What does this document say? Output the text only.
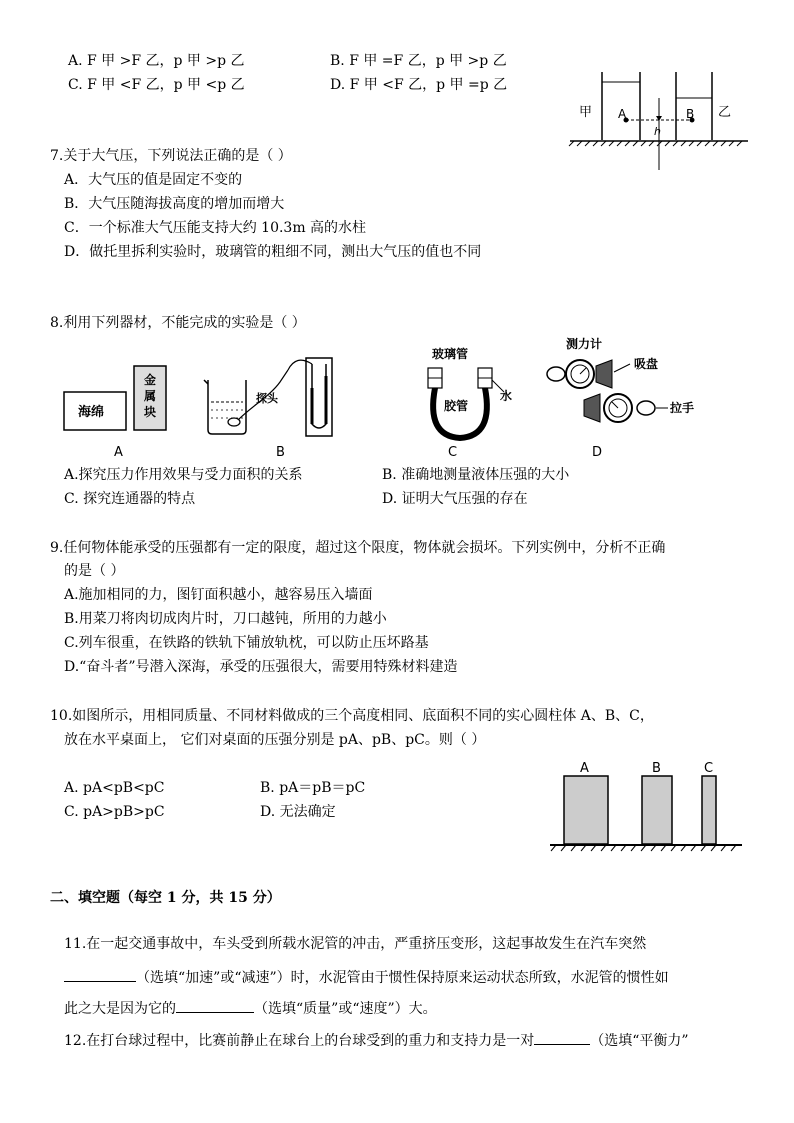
A. F 甲 >F 乙，p 甲 >p 乙	B. F 甲 =F 乙，p 甲 >p 乙
C. F 甲 <F 乙，p 甲 <p 乙	D. F 甲 <F 乙，p 甲 =p 乙
甲 A	B
h
乙
7.关于大气压，下列说法正确的是（ ）
A．大气压的值是固定不变的
B．大气压随海拔高度的增加而增大
C．一个标准大气压能支持大约 10.3m 高的水柱
D．做托里拆利实验时，玻璃管的粗细不同，测出大气压的值也不同
8.利用下列器材，不能完成的实验是（ ）
海绵
金
属
块
A
探头
B
玻璃管
胶管
水
C
测力计
吸盘
拉手
D
A.探究压力作用效果与受力面积的关系	B. 准确地测量液体压强的大小
C. 探究连通器的特点	D. 证明大气压强的存在
9.任何物体能承受的压强都有一定的限度，超过这个限度，物体就会损坏。下列实例中，分析不正确
的是（ ）
A.施加相同的力，图钉面积越小，越容易压入墙面
B.用菜刀将肉切成肉片时，刀口越钝，所用的力越小
C.列车很重，在铁路的铁轨下铺放轨枕，可以防止压坏路基
D.“奋斗者”号潜入深海，承受的压强很大，需要用特殊材料建造
10.如图所示，用相同质量、不同材料做成的三个高度相同、底面积不同的实心圆柱体 A、B、C，
放在水平桌面上， 它们对桌面的压强分别是 pA、pB、pC。则（ ）
A. pA<pB<pC	B. pA＝pB＝pC
C. pA>pB>pC	D. 无法确定
A	B	C
二、填空题（每空 1 分，共 15 分）
11.在一起交通事故中，车头受到所载水泥管的冲击，严重挤压变形，这起事故发生在汽车突然
（选填“加速”或“减速”）时，水泥管由于惯性保持原来运动状态所致，水泥管的惯性如
此之大是因为它的	（选填“质量”或“速度”）大。
12.在打台球过程中，比赛前静止在球台上的台球受到的重力和支持力是一对	（选填“平衡力”
